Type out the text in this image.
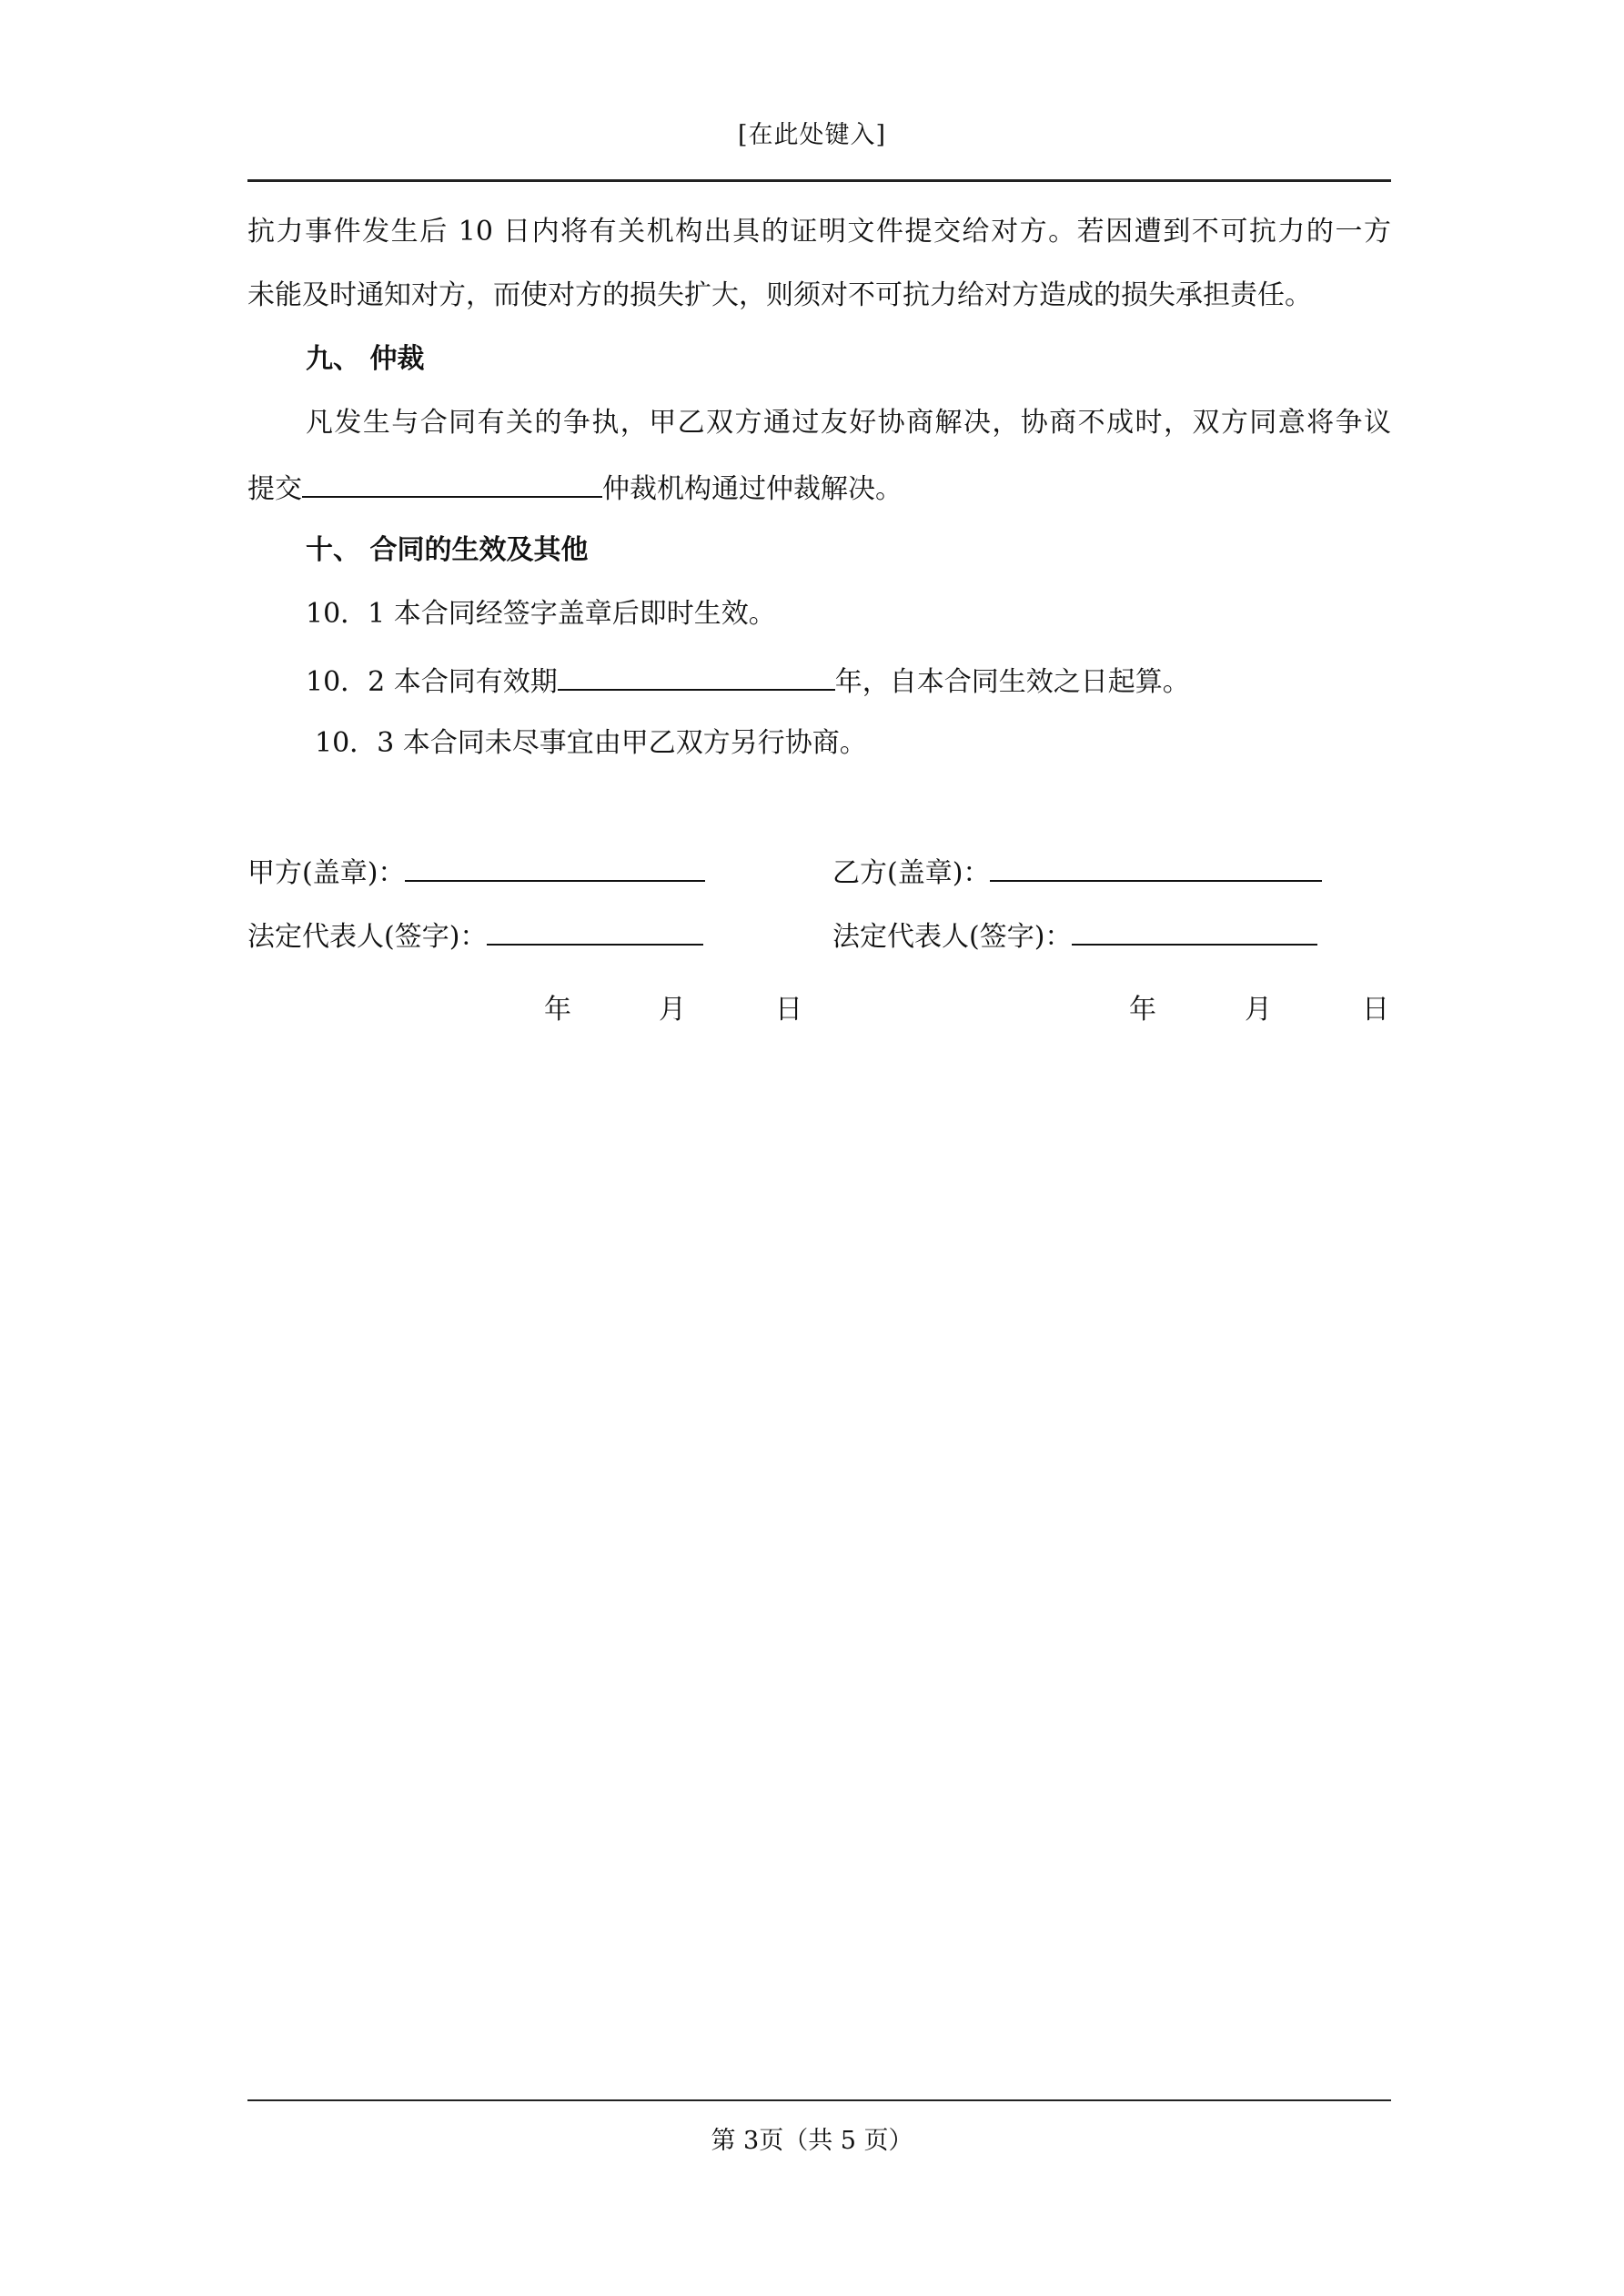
[在此处键入]
抗力事件发生后 10 日内将有关机构出具的证明文件提交给对方。若因遭到不可抗力的一方
未能及时通知对方，而使对方的损失扩大，则须对不可抗力给对方造成的损失承担责任。
九、 仲裁
凡发生与合同有关的争执，甲乙双方通过友好协商解决，协商不成时，双方同意将争议
提交	仲裁机构通过仲裁解决。
十、 合同的生效及其他
10．1 本合同经签字盖章后即时生效。
10．2 本合同有效期	年，自本合同生效之日起算。
10．3 本合同未尽事宜由甲乙双方另行协商。
甲方(盖章)：	乙方(盖章)：
法定代表人(签字)：	法定代表人(签字)：
年	月	日	年	月	日
第 3页（共 5 页）
